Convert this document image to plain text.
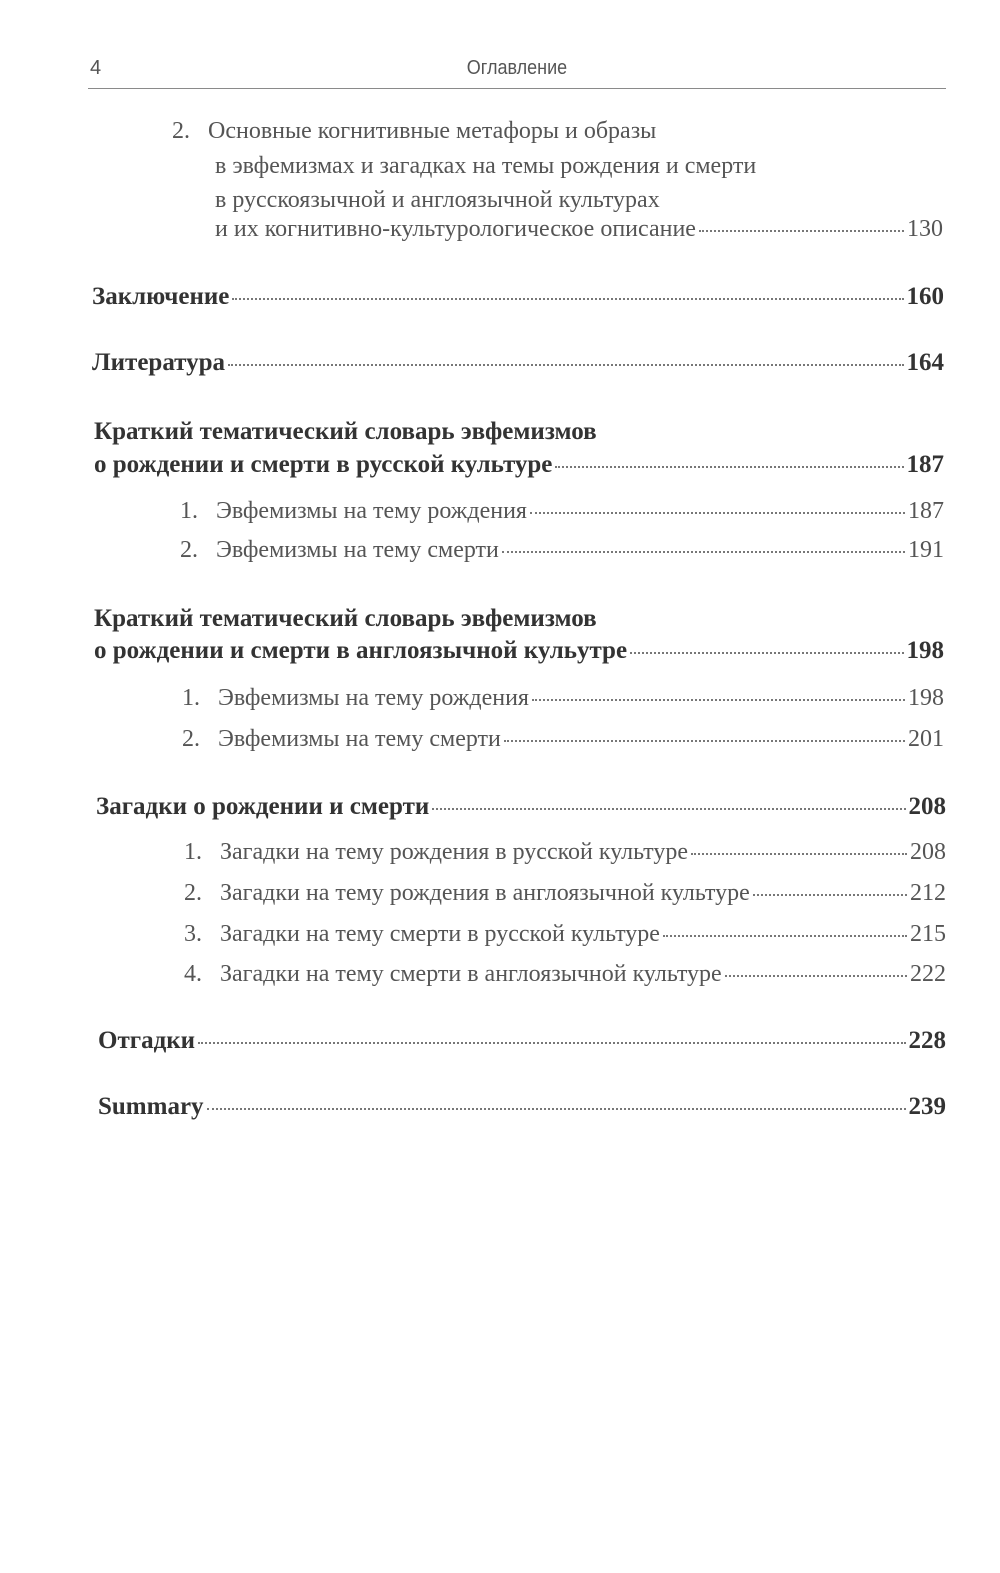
4	Оглавление
2. Основные когнитивные метафоры и образы
в эвфемизмах и загадках на темы рождения и смерти
в русскоязычной и англоязычной культурах
и их когнитивно-культурологическое описание	130
Заключение	160
Литература	164
Краткий тематический словарь эвфемизмов
о рождении и смерти в русской культуре	187
1. Эвфемизмы на тему рождения	187
2. Эвфемизмы на тему смерти	191
Краткий тематический словарь эвфемизмов
о рождении и смерти в англоязычной кульутре	198
1. Эвфемизмы на тему рождения	198
2. Эвфемизмы на тему смерти	201
Загадки о рождении и смерти	208
1. Загадки на тему рождения в русской культуре	208
2. Загадки на тему рождения в англоязычной культуре	212
3. Загадки на тему смерти в русской культуре	215
4. Загадки на тему смерти в англоязычной культуре	222
Отгадки	228
Summary	239
